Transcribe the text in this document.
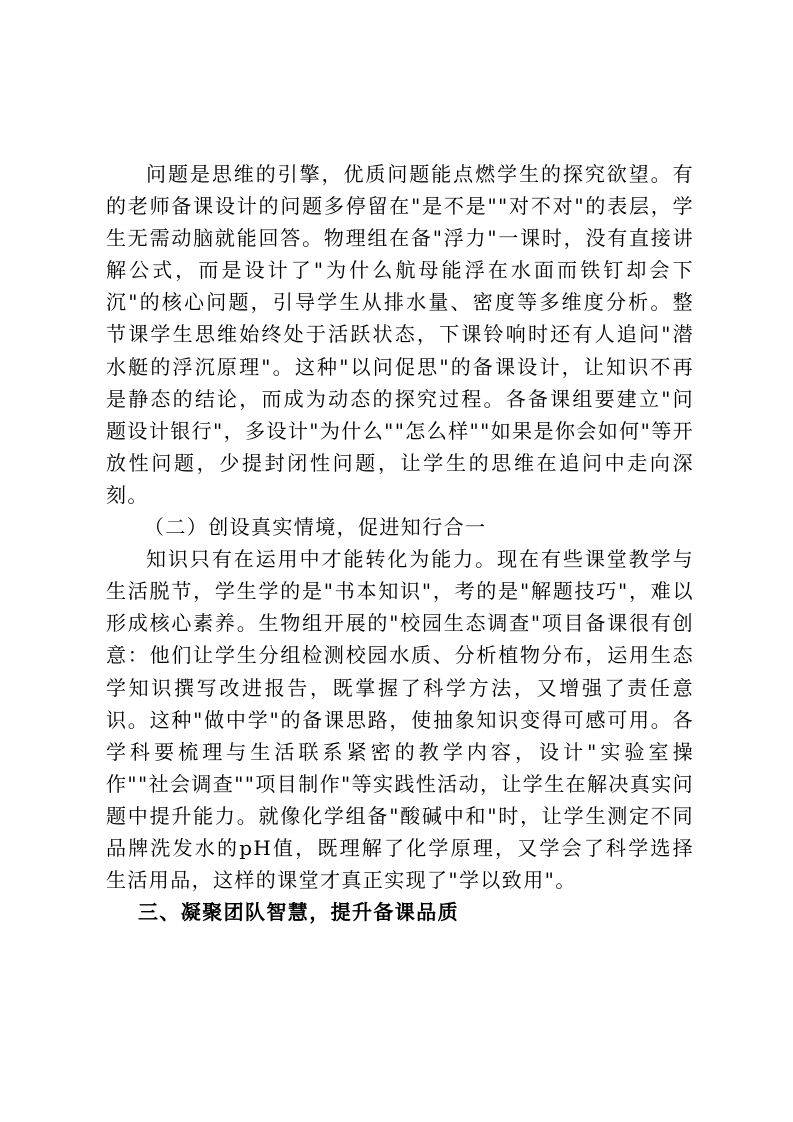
问题是思维的引擎，优质问题能点燃学生的探究欲望。有的老师备课设计的问题多停留在"是不是""对不对"的表层，学生无需动脑就能回答。物理组在备"浮力"一课时，没有直接讲解公式，而是设计了"为什么航母能浮在水面而铁钉却会下沉"的核心问题，引导学生从排水量、密度等多维度分析。整节课学生思维始终处于活跃状态，下课铃响时还有人追问"潜水艇的浮沉原理"。这种"以问促思"的备课设计，让知识不再是静态的结论，而成为动态的探究过程。各备课组要建立"问题设计银行"，多设计"为什么""怎么样""如果是你会如何"等开放性问题，少提封闭性问题，让学生的思维在追问中走向深刻。

（二）创设真实情境，促进知行合一

知识只有在运用中才能转化为能力。现在有些课堂教学与生活脱节，学生学的是"书本知识"，考的是"解题技巧"，难以形成核心素养。生物组开展的"校园生态调查"项目备课很有创意：他们让学生分组检测校园水质、分析植物分布，运用生态学知识撰写改进报告，既掌握了科学方法，又增强了责任意识。这种"做中学"的备课思路，使抽象知识变得可感可用。各学科要梳理与生活联系紧密的教学内容，设计"实验室操作""社会调查""项目制作"等实践性活动，让学生在解决真实问题中提升能力。就像化学组备"酸碱中和"时，让学生测定不同品牌洗发水的pH值，既理解了化学原理，又学会了科学选择生活用品，这样的课堂才真正实现了"学以致用"。

三、凝聚团队智慧，提升备课品质
